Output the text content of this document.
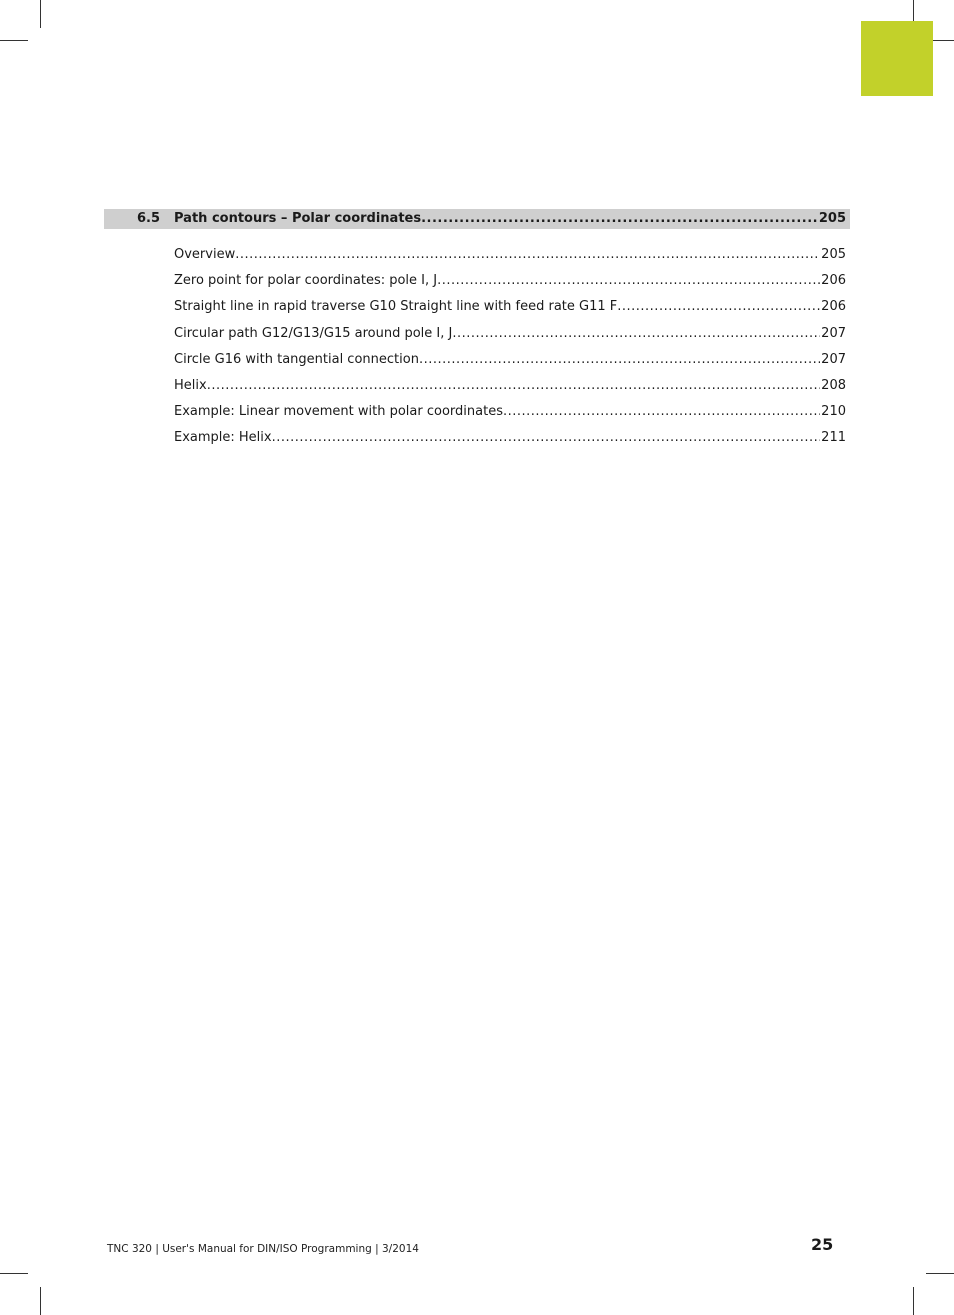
6.5 Path contours – Polar coordinates .....	205
Overview .....	205
Zero point for polar coordinates: pole I, J .....	206
Straight line in rapid traverse G10 Straight line with feed rate G11 F .....	206
Circular path G12/G13/G15 around pole I, J .....	207
Circle G16 with tangential connection .....	207
Helix .....	208
Example: Linear movement with polar coordinates .....	210
Example: Helix .....	211
TNC 320 | User's Manual for DIN/ISO Programming | 3/2014	25
